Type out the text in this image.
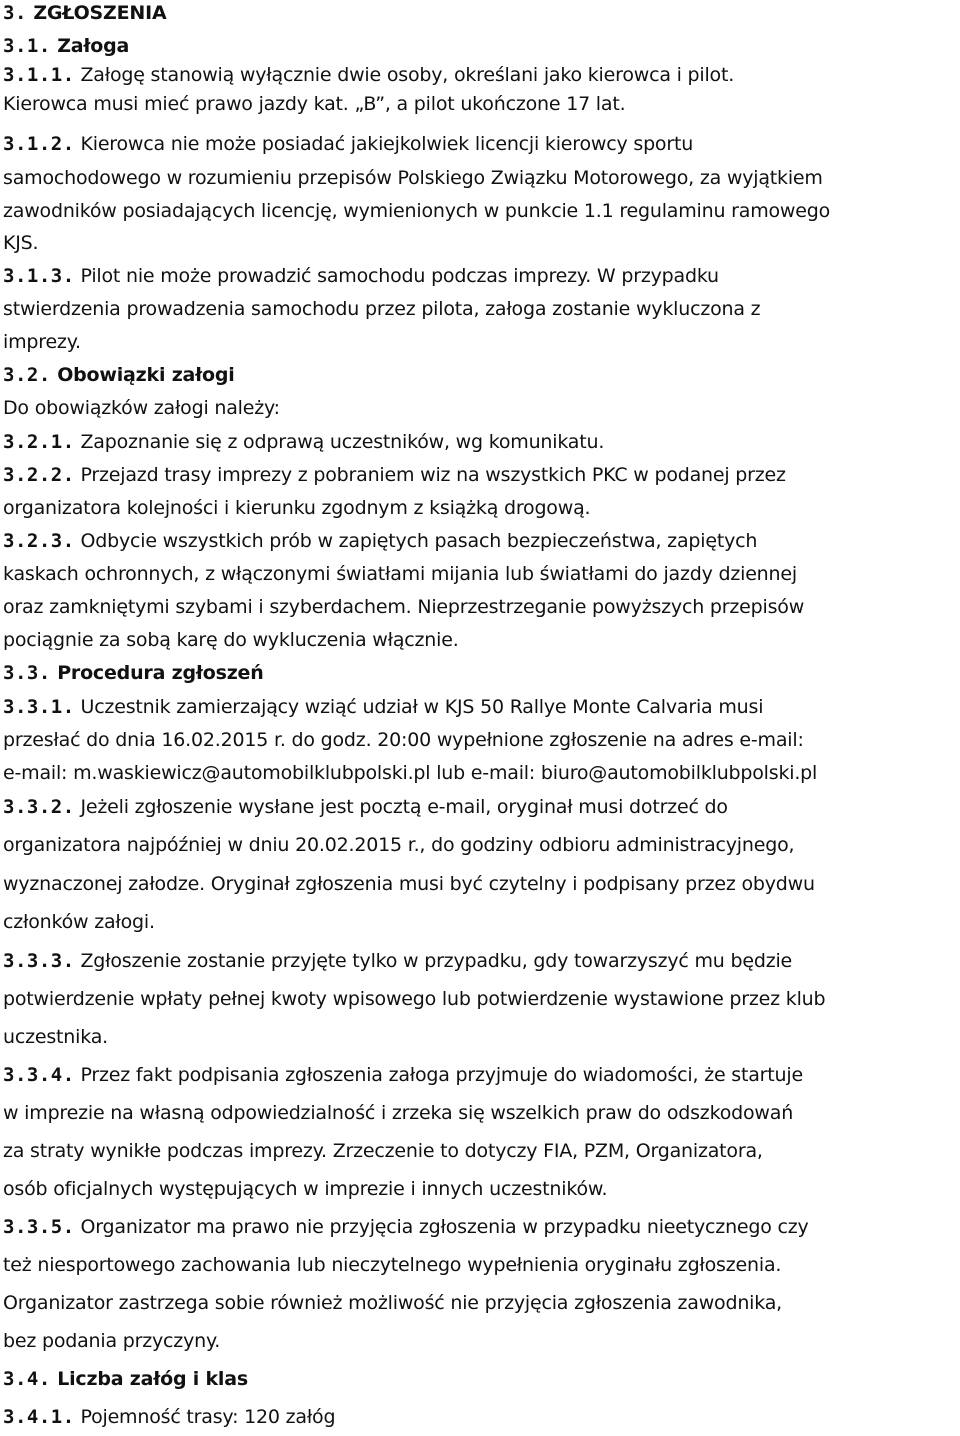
3. ZGŁOSZENIA
3.1. Załoga
3.1.1. Załogę stanowią wyłącznie dwie osoby, określani jako kierowca i pilot.
Kierowca musi mieć prawo jazdy kat. „B”, a pilot ukończone 17 lat.
3.1.2. Kierowca nie może posiadać jakiejkolwiek licencji kierowcy sportu
samochodowego w rozumieniu przepisów Polskiego Związku Motorowego, za wyjątkiem
zawodników posiadających licencję, wymienionych w punkcie 1.1 regulaminu ramowego
KJS.
3.1.3. Pilot nie może prowadzić samochodu podczas imprezy. W przypadku
stwierdzenia prowadzenia samochodu przez pilota, załoga zostanie wykluczona z
imprezy.
3.2. Obowiązki załogi
Do obowiązków załogi należy:
3.2.1. Zapoznanie się z odprawą uczestników, wg komunikatu.
3.2.2. Przejazd trasy imprezy z pobraniem wiz na wszystkich PKC w podanej przez
organizatora kolejności i kierunku zgodnym z książką drogową.
3.2.3. Odbycie wszystkich prób w zapiętych pasach bezpieczeństwa, zapiętych
kaskach ochronnych, z włączonymi światłami mijania lub światłami do jazdy dziennej
oraz zamkniętymi szybami i szyberdachem. Nieprzestrzeganie powyższych przepisów
pociągnie za sobą karę do wykluczenia włącznie.
3.3. Procedura zgłoszeń
3.3.1. Uczestnik zamierzający wziąć udział w KJS 50 Rallye Monte Calvaria musi
przesłać do dnia 16.02.2015 r. do godz. 20:00 wypełnione zgłoszenie na adres e-mail:
e-mail: m.waskiewicz@automobilklubpolski.pl lub e-mail: biuro@automobilklubpolski.pl
3.3.2. Jeżeli zgłoszenie wysłane jest pocztą e-mail, oryginał musi dotrzeć do
organizatora najpóźniej w dniu 20.02.2015 r., do godziny odbioru administracyjnego,
wyznaczonej załodze. Oryginał zgłoszenia musi być czytelny i podpisany przez obydwu
członków załogi.
3.3.3. Zgłoszenie zostanie przyjęte tylko w przypadku, gdy towarzyszyć mu będzie
potwierdzenie wpłaty pełnej kwoty wpisowego lub potwierdzenie wystawione przez klub
uczestnika.
3.3.4. Przez fakt podpisania zgłoszenia załoga przyjmuje do wiadomości, że startuje
w imprezie na własną odpowiedzialność i zrzeka się wszelkich praw do odszkodowań
za straty wynikłe podczas imprezy. Zrzeczenie to dotyczy FIA, PZM, Organizatora,
osób oficjalnych występujących w imprezie i innych uczestników.
3.3.5. Organizator ma prawo nie przyjęcia zgłoszenia w przypadku nieetycznego czy
też niesportowego zachowania lub nieczytelnego wypełnienia oryginału zgłoszenia.
Organizator zastrzega sobie również możliwość nie przyjęcia zgłoszenia zawodnika,
bez podania przyczyny.
3.4. Liczba załóg i klas
3.4.1. Pojemność trasy: 120 załóg
